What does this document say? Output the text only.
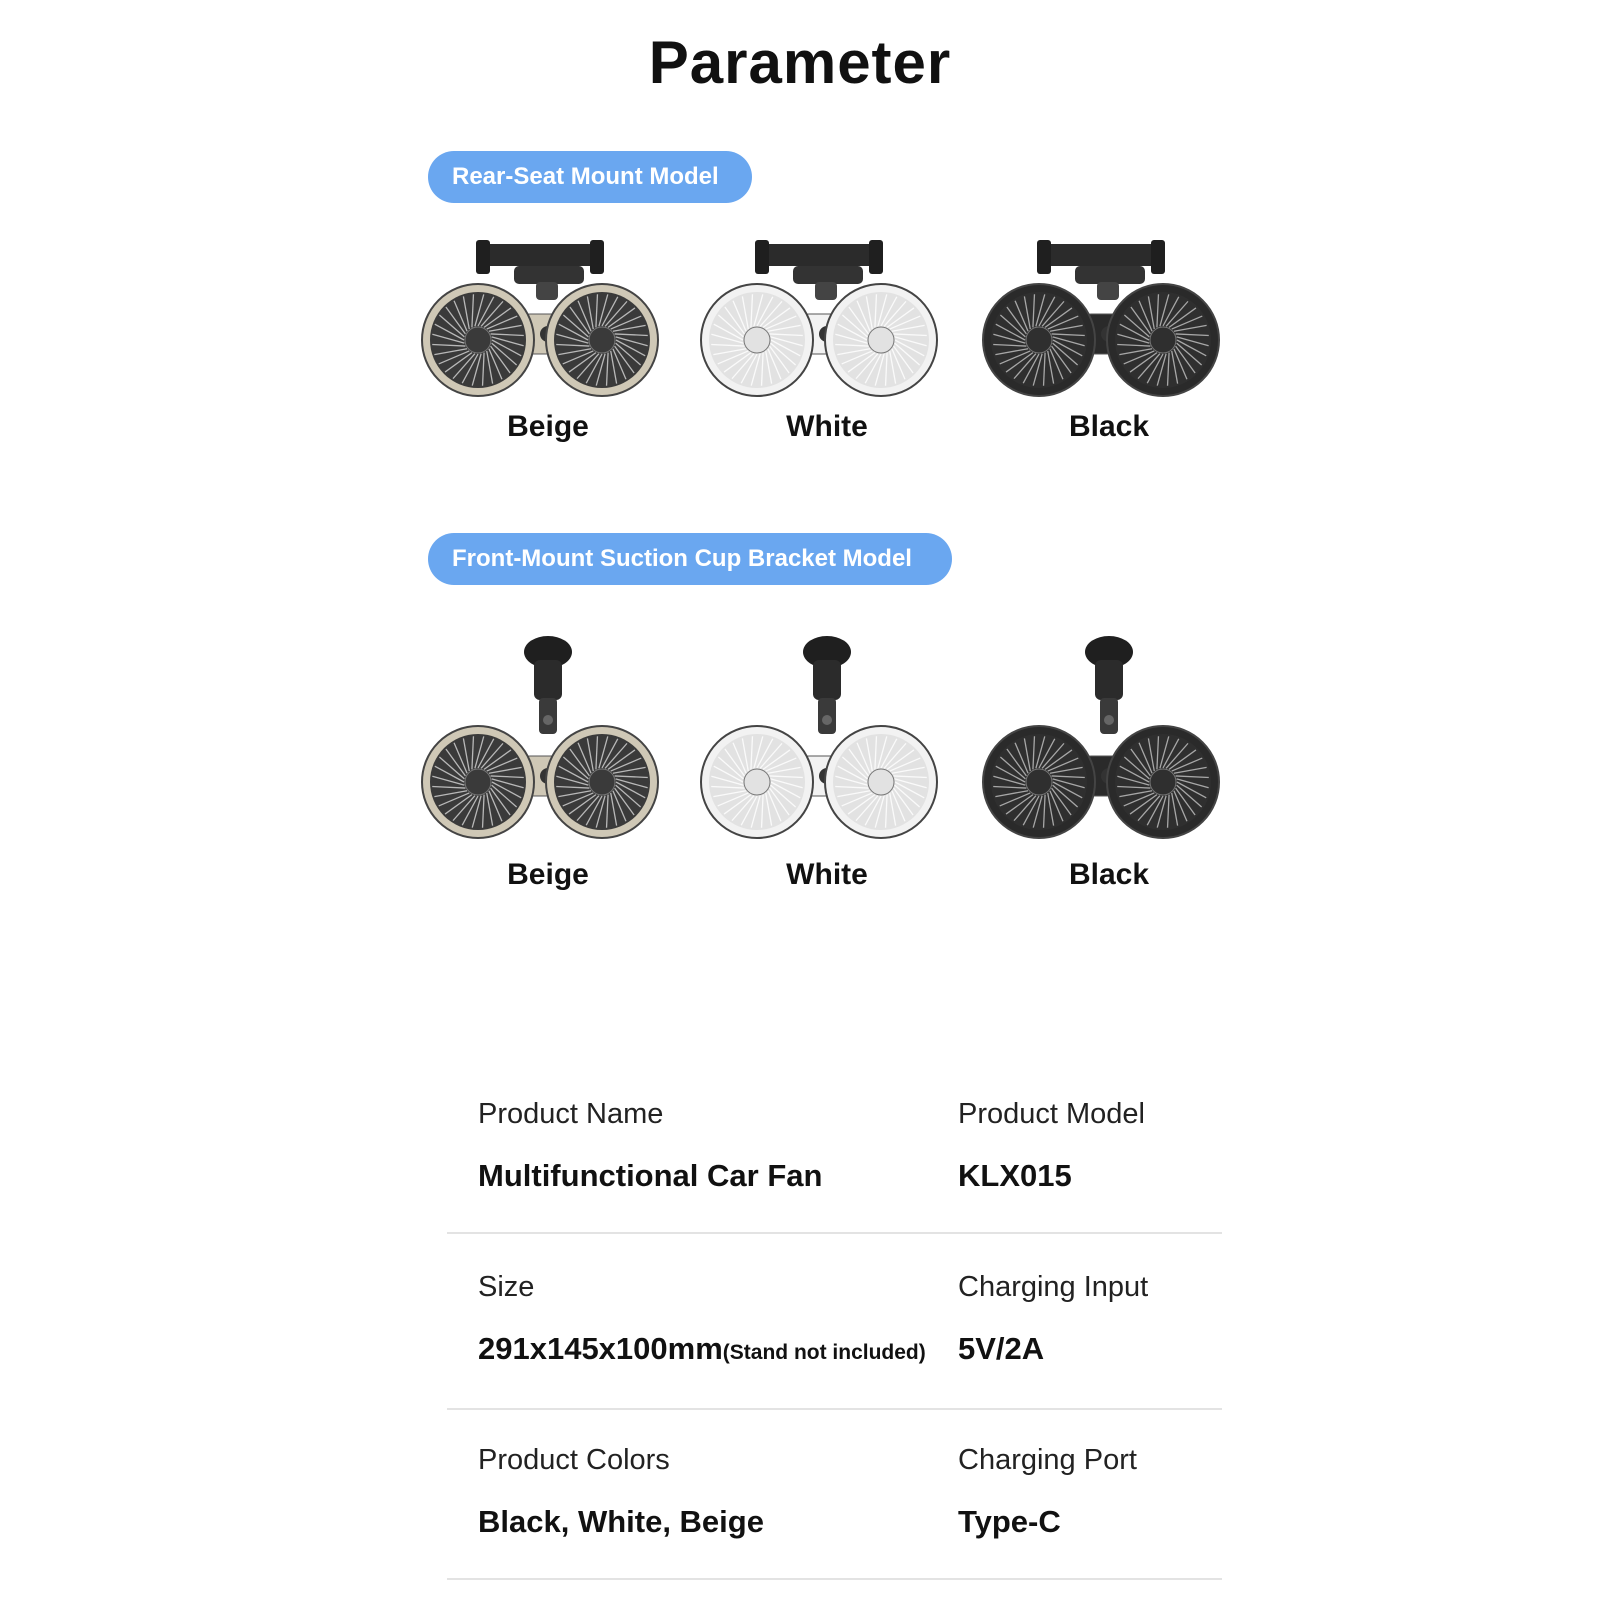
Parameter
Rear-Seat Mount Model
Beige	White	Black
Front-Mount Suction Cup Bracket Model
Beige	White	Black
Product Name
Multifunctional Car Fan
Product Model
KLX015
Size
291x145x100mm(Stand not included)
Charging Input
5V/2A
Product Colors
Black, White, Beige
Charging Port
Type-C
